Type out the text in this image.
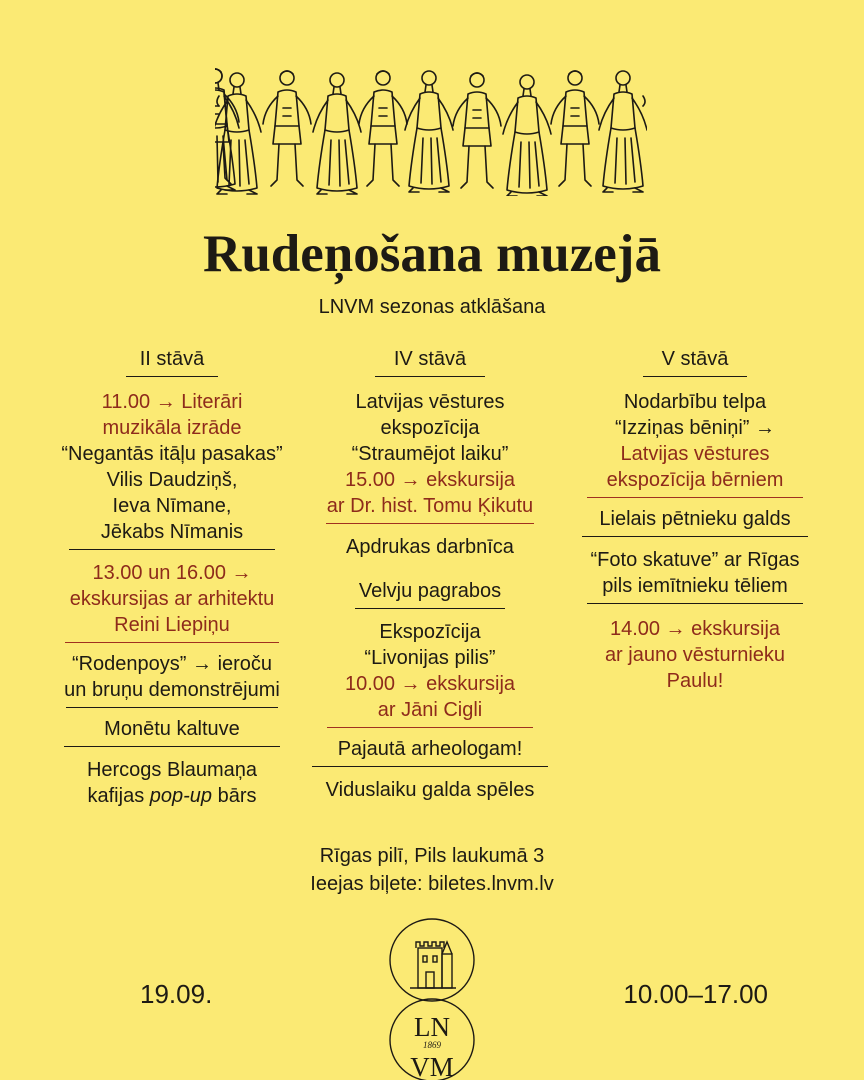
Rudeņošana muzejā
LNVM sezonas atklāšana
II stāvā
11.00 → Literāri
muzikāla izrāde
“Negantās itāļu pasakas”
Vilis Daudziņš,
Ieva Nīmane,
Jēkabs Nīmanis
13.00 un 16.00 →
ekskursijas ar arhitektu
Reini Liepiņu
“Rodenpoys” → ieroču
un bruņu demonstrējumi
Monētu kaltuve
Hercogs Blaumaņa
kafijas pop-up bārs
IV stāvā
Latvijas vēstures
ekspozīcija
“Straumējot laiku”
15.00 → ekskursija
ar Dr. hist. Tomu Ķikutu
Apdrukas darbnīca
Velvju pagrabos
Ekspozīcija
“Livonijas pilis”
10.00 → ekskursija
ar Jāni Cigli
Pajautā arheologam!
Viduslaiku galda spēles
V stāvā
Nodarbību telpa
“Izziņas bēniņi” →
Latvijas vēstures
ekspozīcija bērniem
Lielais pētnieku galds
“Foto skatuve” ar Rīgas
pils iemītnieku tēliem
14.00 → ekskursija
ar jauno vēsturnieku
Paulu!
Rīgas pilī, Pils laukumā 3
Ieejas biļete: biletes.lnvm.lv
19.09.	10.00–17.00
LN
1869
VM
